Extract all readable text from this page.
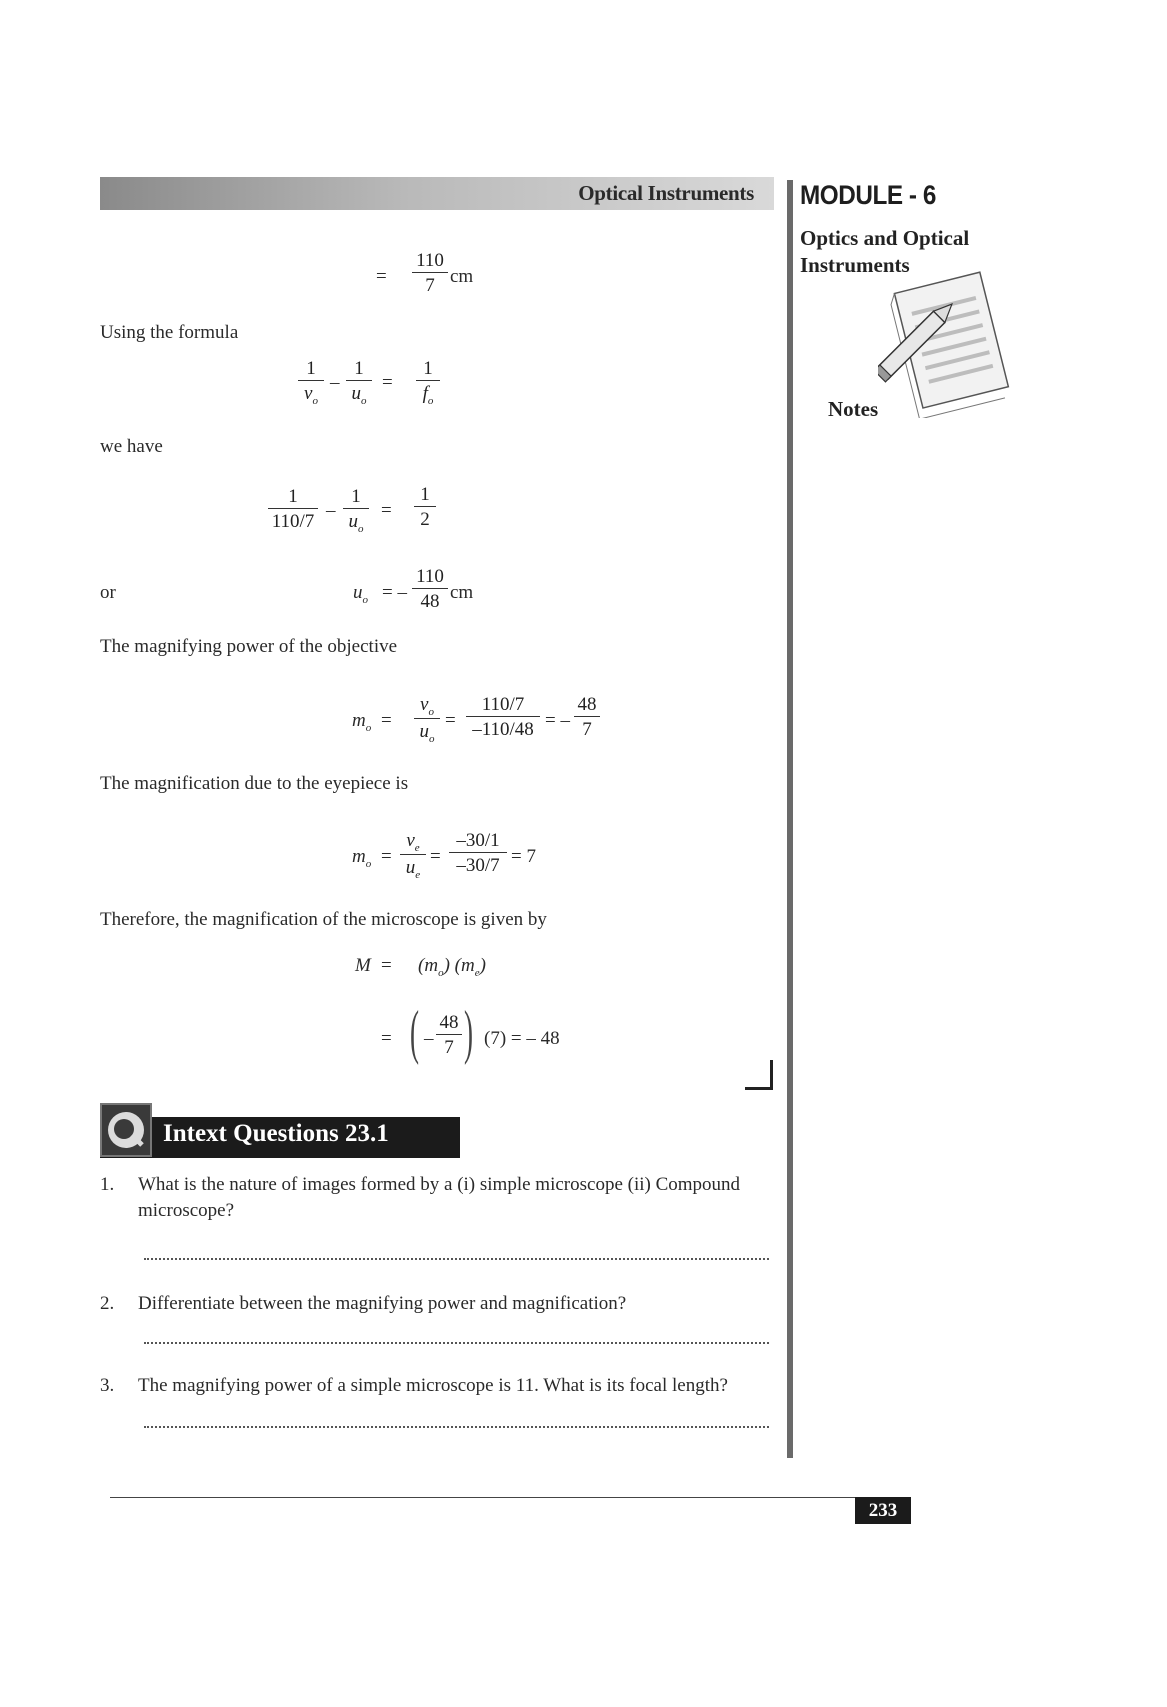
Optical Instruments MODULE - 6
Optics and Optical
Instruments
Notes
= $\frac{110}{7}$ cm
Using the formula
$\frac{1}{v_o} - \frac{1}{u_o} = \frac{1}{f_o}$
we have
$\frac{1}{110/7} - \frac{1}{u_o} = \frac{1}{2}$
or	$u_o$ = – $\frac{110}{48}$ cm
The magnifying power of the objective
$m_o = \frac{v_o}{u_o} = \frac{110/7}{-110/48}$ = – $\frac{48}{7}$
The magnification due to the eyepiece is
$m_o = \frac{v_e}{u_e} = \frac{-30/1}{-30/7} = 7$
Therefore, the magnification of the microscope is given by
$M = (m_o)$ $(m_e)$
= ( – $\frac{48}{7}$ ) (7) = – 48
Intext Questions 23.1
1. What is the nature of images formed by a (i) simple microscope (ii) Compound
microscope?
2. Differentiate between the magnifying power and magnification?
3. The magnifying power of a simple microscope is 11. What is its focal length?
233
